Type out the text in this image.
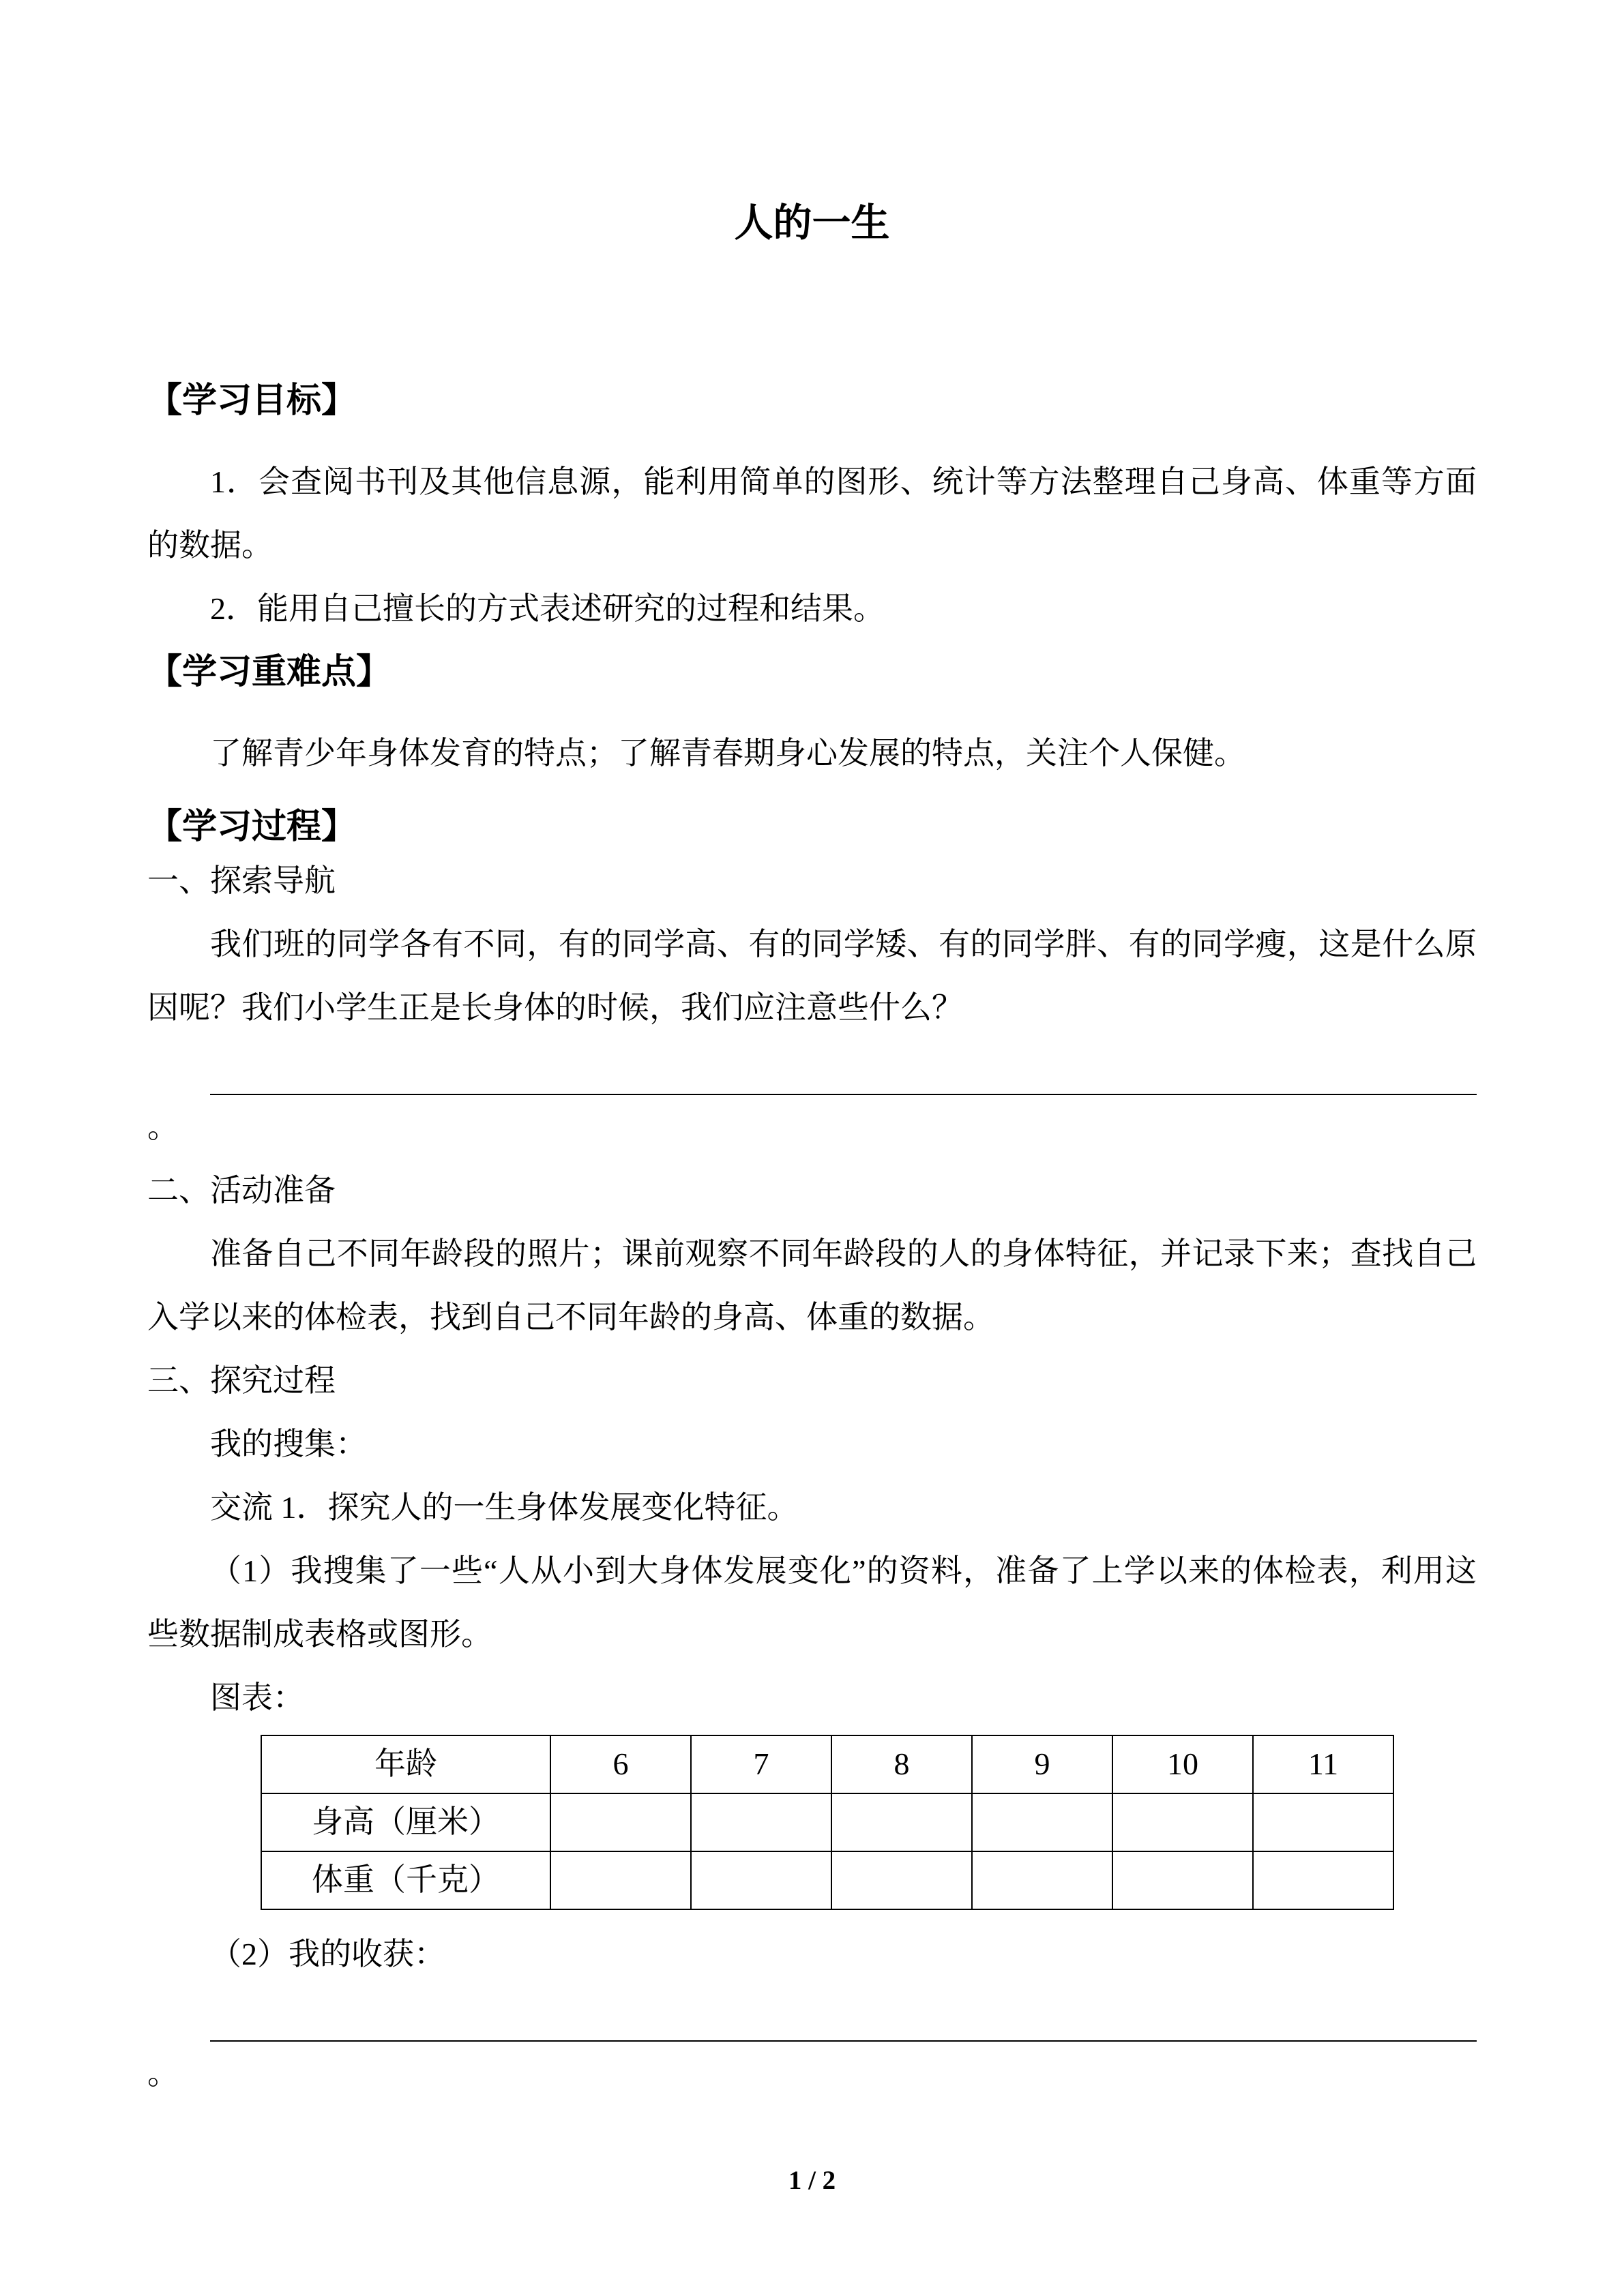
人的一生
【学习目标】

1．会查阅书刊及其他信息源，能利用简单的图形、统计等方法整理自己身高、体重等方面的数据。

2．能用自己擅长的方式表述研究的过程和结果。

【学习重难点】

了解青少年身体发育的特点；了解青春期身心发展的特点，关注个人保健。

【学习过程】

一、探索导航

我们班的同学各有不同，有的同学高、有的同学矮、有的同学胖、有的同学瘦，这是什么原因呢？我们小学生正是长身体的时候，我们应注意些什么？

。

二、活动准备

准备自己不同年龄段的照片；课前观察不同年龄段的人的身体特征，并记录下来；查找自己入学以来的体检表，找到自己不同年龄的身高、体重的数据。

三、探究过程

我的搜集：

交流 1．探究人的一生身体发展变化特征。

（1）我搜集了一些“人从小到大身体发展变化”的资料，准备了上学以来的体检表，利用这些数据制成表格或图形。

图表：

年龄	6	7	8	9	10	11
身高（厘米）						
体重（千克）						

（2）我的收获：

。

1 / 2
